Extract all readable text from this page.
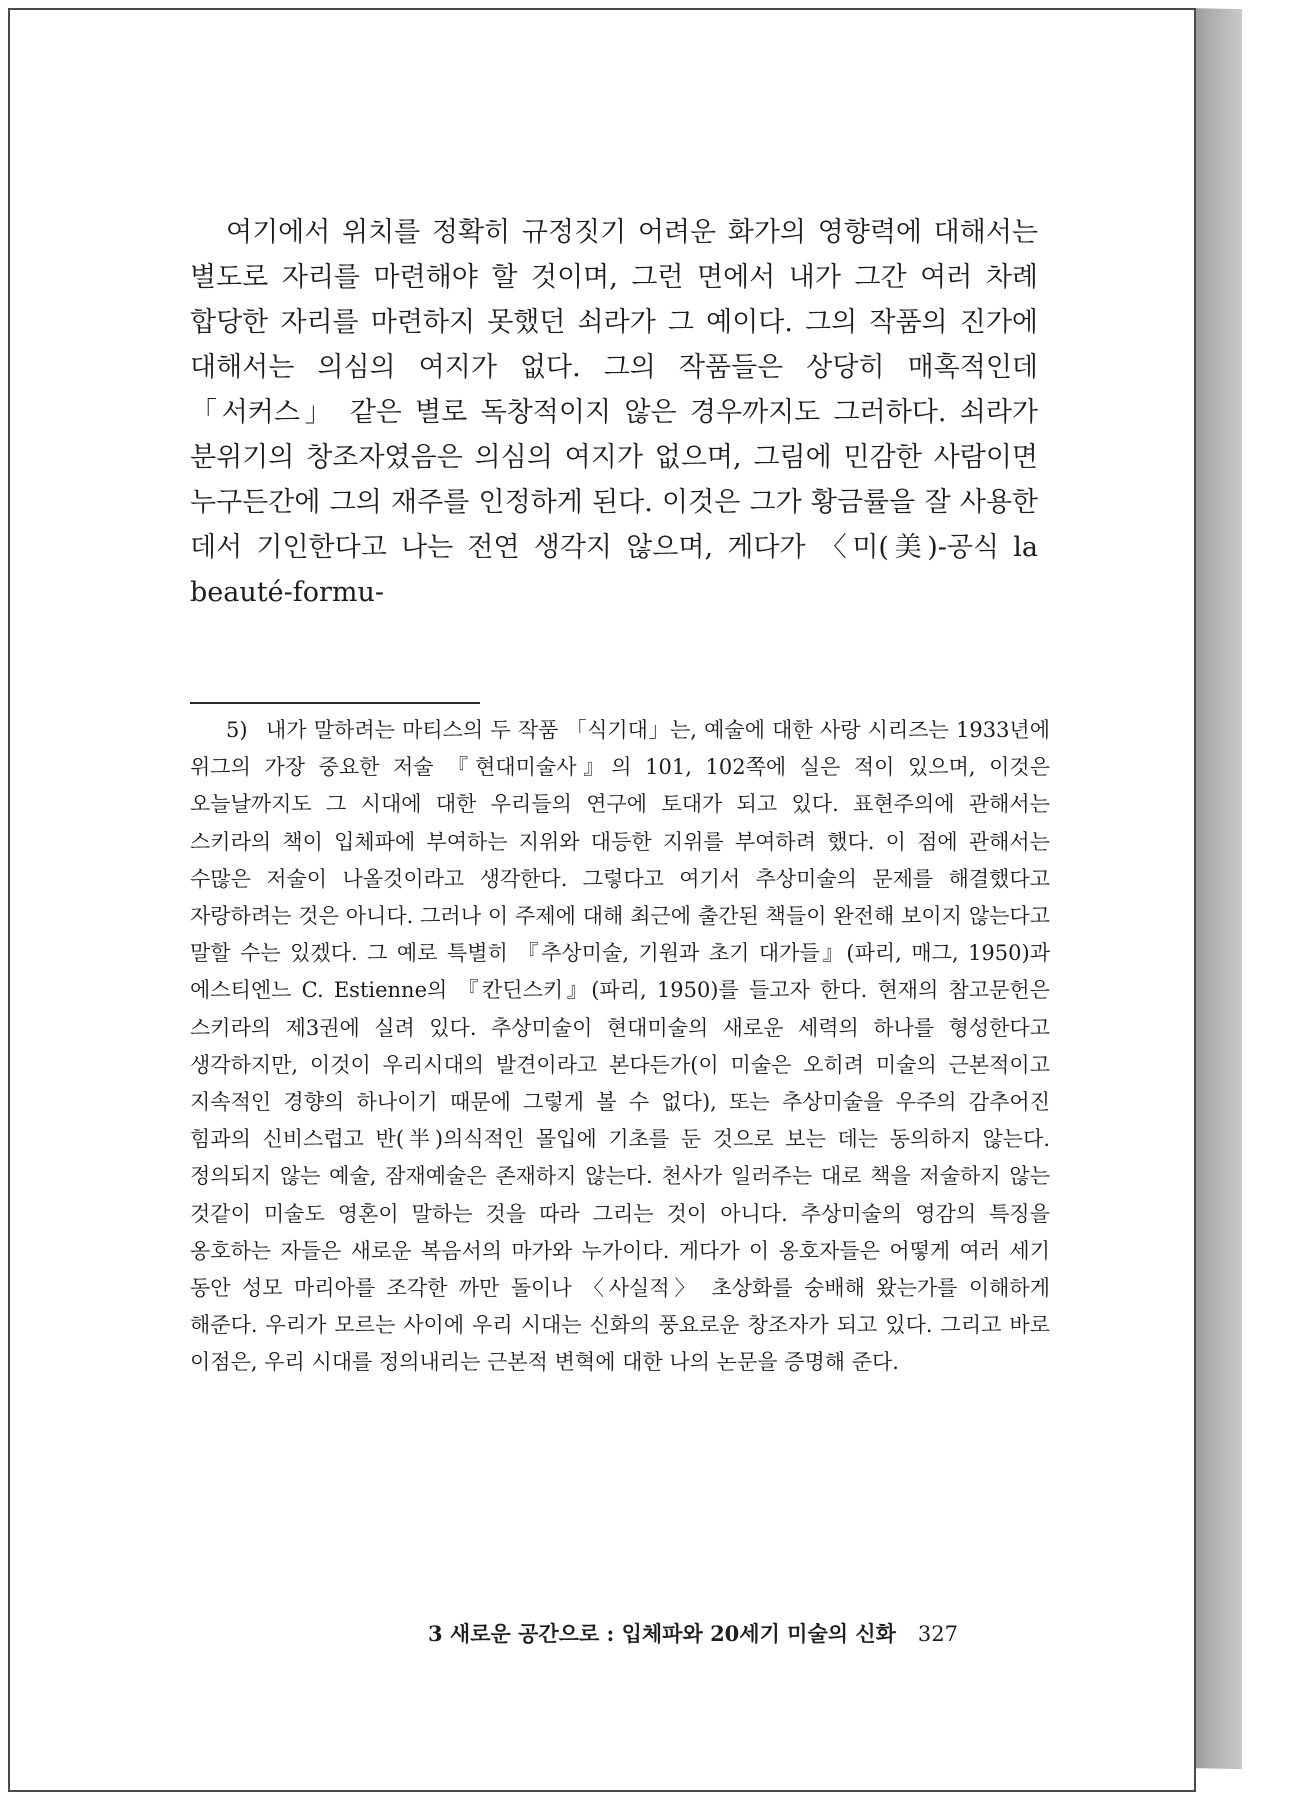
여기에서 위치를 정확히 규정짓기 어려운 화가의 영향력에 대해서는 별도로 자리를 마련해야 할 것이며, 그런 면에서 내가 그간 여러 차례 합당한 자리를 마련하지 못했던 쇠라가 그 예이다. 그의 작품의 진가에 대해서는 의심의 여지가 없다. 그의 작품들은 상당히 매혹적인데 「서커스」 같은 별로 독창적이지 않은 경우까지도 그러하다. 쇠라가 분위기의 창조자였음은 의심의 여지가 없으며, 그림에 민감한 사람이면 누구든간에 그의 재주를 인정하게 된다. 이것은 그가 황금률을 잘 사용한 데서 기인한다고 나는 전연 생각지 않으며, 게다가 〈미(美)-공식 la beauté-formu-

5) 내가 말하려는 마티스의 두 작품 「식기대」는, 예술에 대한 사랑 시리즈는 1933년에 위그의 가장 중요한 저술 『현대미술사』의 101, 102쪽에 실은 적이 있으며, 이것은 오늘날까지도 그 시대에 대한 우리들의 연구에 토대가 되고 있다. 표현주의에 관해서는 스키라의 책이 입체파에 부여하는 지위와 대등한 지위를 부여하려 했다. 이 점에 관해서는 수많은 저술이 나올것이라고 생각한다. 그렇다고 여기서 추상미술의 문제를 해결했다고 자랑하려는 것은 아니다. 그러나 이 주제에 대해 최근에 출간된 책들이 완전해 보이지 않는다고 말할 수는 있겠다. 그 예로 특별히 『추상미술, 기원과 초기 대가들』(파리, 매그, 1950)과 에스티엔느 C. Estienne의 『칸딘스키』(파리, 1950)를 들고자 한다. 현재의 참고문헌은 스키라의 제3권에 실려 있다. 추상미술이 현대미술의 새로운 세력의 하나를 형성한다고 생각하지만, 이것이 우리시대의 발견이라고 본다든가(이 미술은 오히려 미술의 근본적이고 지속적인 경향의 하나이기 때문에 그렇게 볼 수 없다), 또는 추상미술을 우주의 감추어진 힘과의 신비스럽고 반(半)의식적인 몰입에 기초를 둔 것으로 보는 데는 동의하지 않는다. 정의되지 않는 예술, 잠재예술은 존재하지 않는다. 천사가 일러주는 대로 책을 저술하지 않는 것같이 미술도 영혼이 말하는 것을 따라 그리는 것이 아니다. 추상미술의 영감의 특징을 옹호하는 자들은 새로운 복음서의 마가와 누가이다. 게다가 이 옹호자들은 어떻게 여러 세기 동안 성모 마리아를 조각한 까만 돌이나 〈사실적〉 초상화를 숭배해 왔는가를 이해하게 해준다. 우리가 모르는 사이에 우리 시대는 신화의 풍요로운 창조자가 되고 있다. 그리고 바로 이점은, 우리 시대를 정의내리는 근본적 변혁에 대한 나의 논문을 증명해 준다.

3 새로운 공간으로 : 입체파와 20세기 미술의 신화 327
